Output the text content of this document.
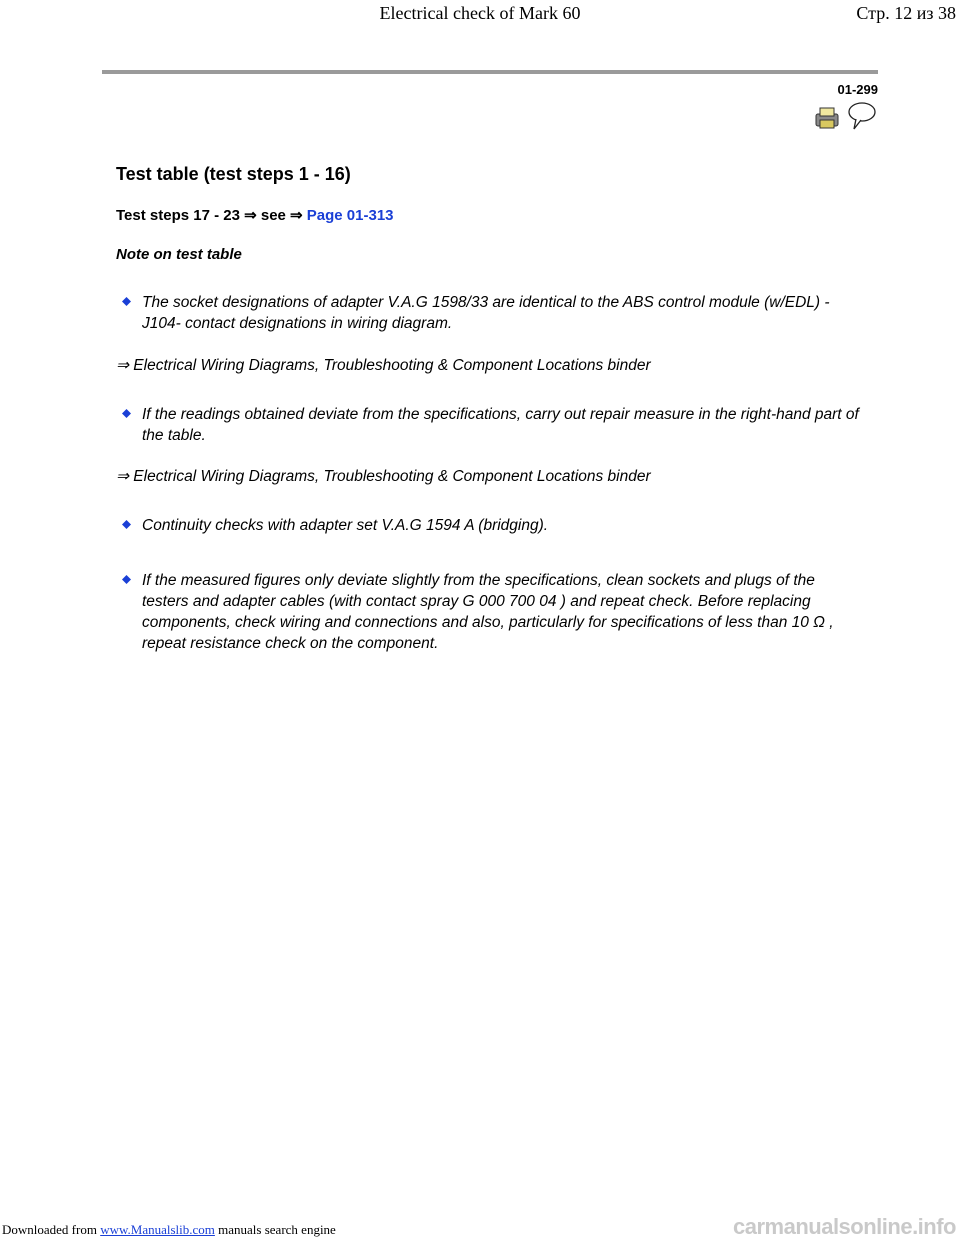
Electrical check of Mark 60	Стр. 12 из 38
01-299
Test table (test steps 1 - 16)
Test steps 17 - 23 ⇒ see ⇒ Page 01-313
Note on test table
The socket designations of adapter V.A.G 1598/33 are identical to the ABS control module (w/EDL) -J104- contact designations in wiring diagram.
⇒ Electrical Wiring Diagrams, Troubleshooting & Component Locations binder
If the readings obtained deviate from the specifications, carry out repair measure in the right-hand part of the table.
⇒ Electrical Wiring Diagrams, Troubleshooting & Component Locations binder
Continuity checks with adapter set V.A.G 1594 A (bridging).
If the measured figures only deviate slightly from the specifications, clean sockets and plugs of the testers and adapter cables (with contact spray G 000 700 04 ) and repeat check. Before replacing components, check wiring and connections and also, particularly for specifications of less than 10 Ω , repeat resistance check on the component.
Downloaded from www.Manualslib.com manuals search engine	carmanualsonline.info
